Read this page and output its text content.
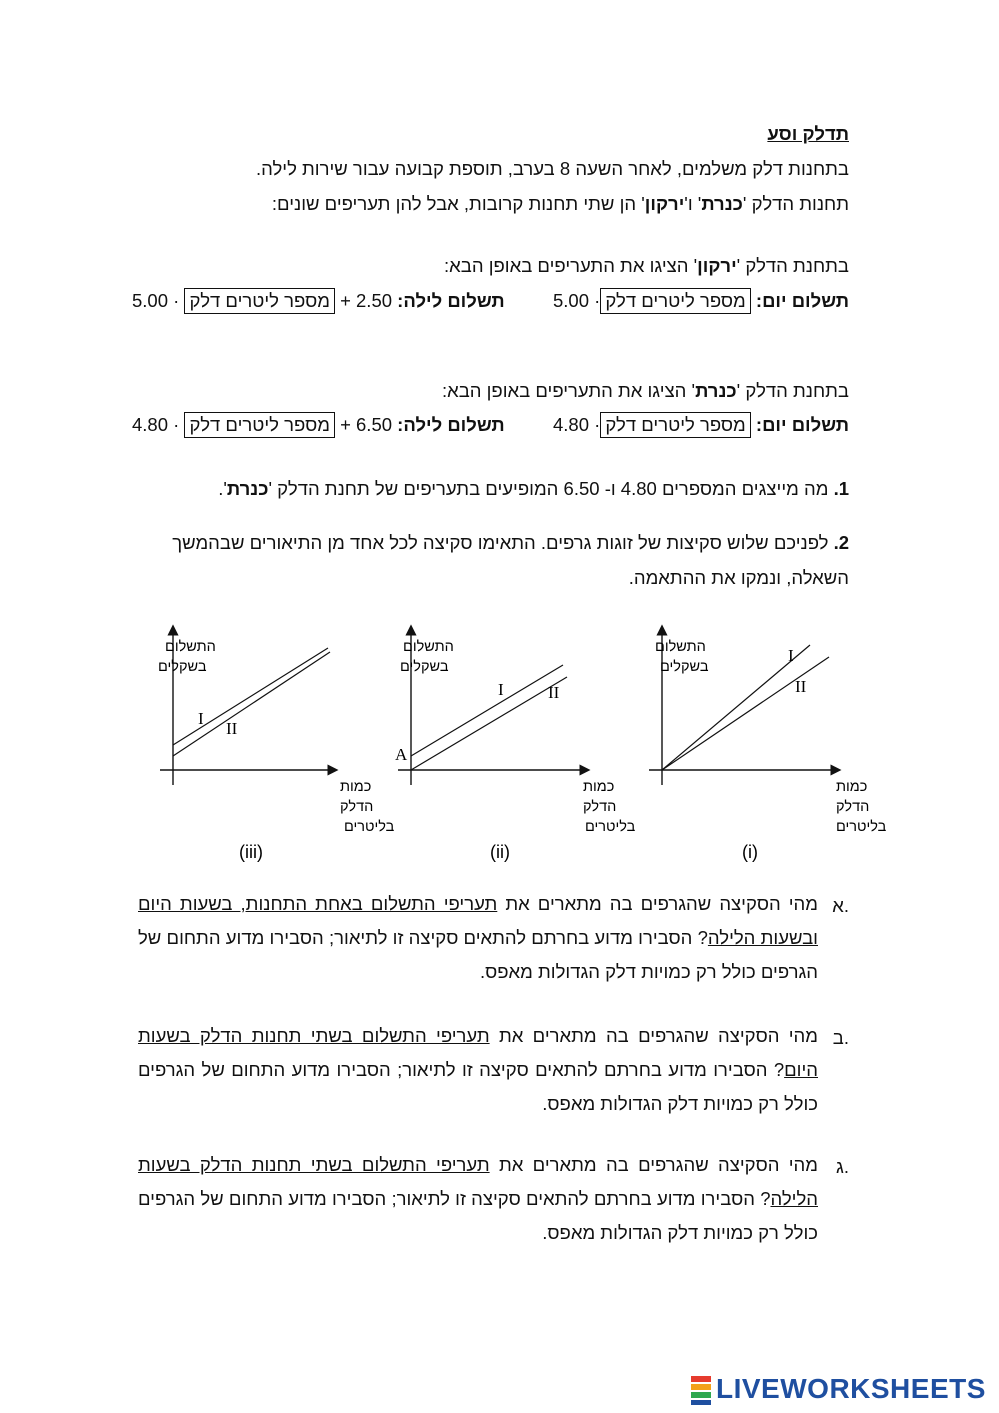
תדלק וסע
בתחנות דלק משלמים, לאחר השעה 8 בערב, תוספת קבועה עבור שירות לילה.
תחנות הדלק 'כנרת' ו'ירקון' הן שתי תחנות קרובות, אבל להן תעריפים שונים:
בתחנת הדלק 'ירקון' הציגו את התעריפים באופן הבא:
תשלום יום: מספר ליטרים דלק· 5.00
תשלום לילה: 2.50 + מספר ליטרים דלק · 5.00
בתחנת הדלק 'כנרת' הציגו את התעריפים באופן הבא:
תשלום יום: מספר ליטרים דלק· 4.80
תשלום לילה: 6.50 + מספר ליטרים דלק · 4.80
1. מה מייצגים המספרים 4.80 ו- 6.50 המופיעים בתעריפים של תחנת הדלק 'כנרת'.
2. לפניכם שלוש סקיצות של זוגות גרפים. התאימו סקיצה לכל אחד מן התיאורים שבהמשך
השאלה, ונמקו את ההתאמה.
I
II
התשלום
בשקלים
כמות
הדלק
בליטרים
(iii)
I	II
A
התשלום
בשקלים
כמות
הדלק
בליטרים
(ii)
I
II
התשלום
בשקלים
כמות
הדלק
בליטרים
(i)
א.
מהי הסקיצה שהגרפים בה מתארים את תעריפי התשלום באחת התחנות, בשעות היום ובשעות הלילה? הסבירו מדוע בחרתם להתאים סקיצה זו לתיאור; הסבירו מדוע התחום של הגרפים כולל רק כמויות דלק הגדולות מאפס.
ב.
מהי הסקיצה שהגרפים בה מתארים את תעריפי התשלום בשתי תחנות הדלק בשעות היום? הסבירו מדוע בחרתם להתאים סקיצה זו לתיאור; הסבירו מדוע התחום של הגרפים כולל רק כמויות דלק הגדולות מאפס.
ג.
מהי הסקיצה שהגרפים בה מתארים את תעריפי התשלום בשתי תחנות הדלק בשעות הלילה? הסבירו מדוע בחרתם להתאים סקיצה זו לתיאור; הסבירו מדוע התחום של הגרפים כולל רק כמויות דלק הגדולות מאפס.
LIVEWORKSHEETS
